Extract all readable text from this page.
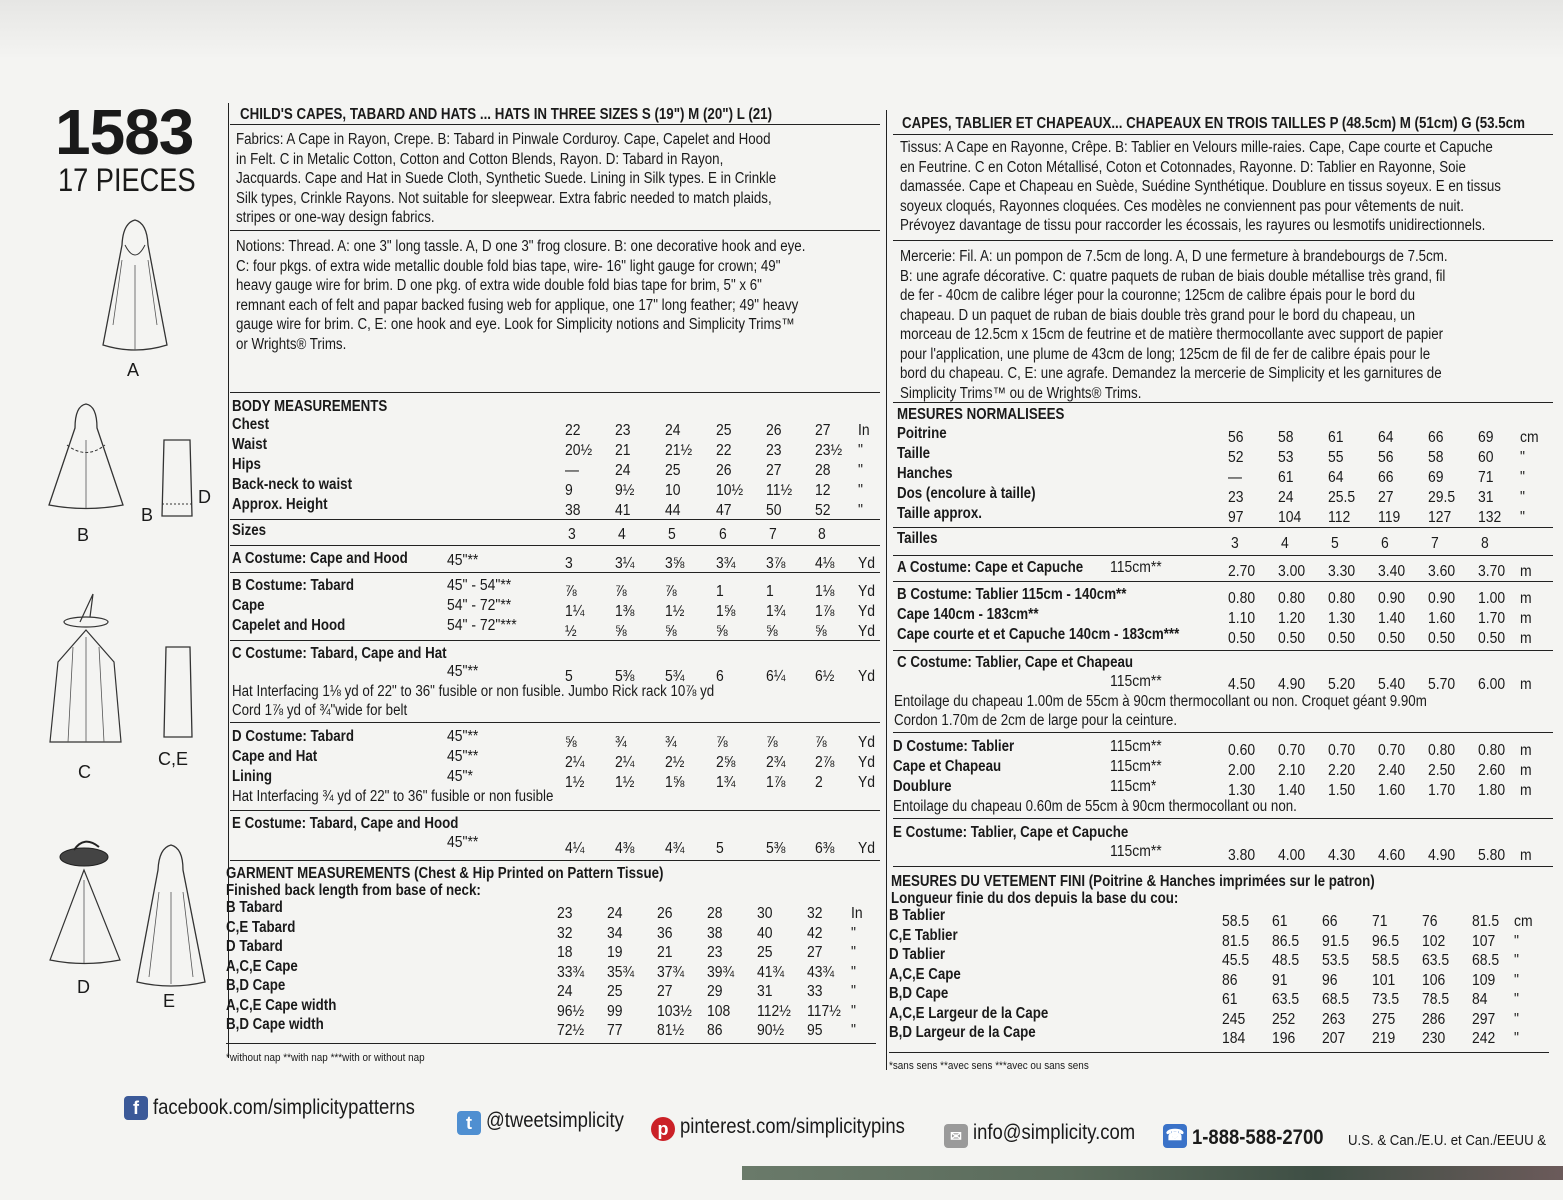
1583
17 PIECES
A
B
B
D
C
C,E
D
E
CHILD'S CAPES, TABARD AND HATS ... HATS IN THREE SIZES S (19") M (20") L (21)
Fabrics: A Cape in Rayon, Crepe. B: Tabard in Pinwale Corduroy. Cape, Capelet and Hood
in Felt. C in Metalic Cotton, Cotton and Cotton Blends, Rayon. D: Tabard in Rayon,
Jacquards. Cape and Hat in Suede Cloth, Synthetic Suede. Lining in Silk types. E in Crinkle
Silk types, Crinkle Rayons. Not suitable for sleepwear. Extra fabric needed to match plaids,
stripes or one-way design fabrics.
Notions: Thread. A: one 3" long tassle. A, D one 3" frog closure. B: one decorative hook and eye.
C: four pkgs. of extra wide metallic double fold bias tape, wire- 16" light gauge for crown; 49"
heavy gauge wire for brim. D one pkg. of extra wide double fold bias tape for brim, 5" x 6"
remnant each of felt and papar backed fusing web for applique, one 17" long feather; 49" heavy
gauge wire for brim. C, E: one hook and eye. Look for Simplicity notions and Simplicity Trims™
or Wrights® Trims.
CAPES, TABLIER ET CHAPEAUX... CHAPEAUX EN TROIS TAILLES P (48.5cm) M (51cm) G (53.5cm
Tissus: A Cape en Rayonne, Crêpe. B: Tablier en Velours mille-raies. Cape, Cape courte et Capuche
en Feutrine. C en Coton Métallisé, Coton et Cotonnades, Rayonne. D: Tablier en Rayonne, Soie
damassée. Cape et Chapeau en Suède, Suédine Synthétique. Doublure en tissus soyeux. E en tissus
soyeux cloqués, Rayonnes cloquées. Ces modèles ne conviennent pas pour vêtements de nuit.
Prévoyez davantage de tissu pour raccorder les écossais, les rayures ou lesmotifs unidirectionnels.
Mercerie: Fil. A: un pompon de 7.5cm de long. A, D une fermeture à brandebourgs de 7.5cm.
B: une agrafe décorative. C: quatre paquets de ruban de biais double métallise très grand, fil
de fer - 40cm de calibre léger pour la couronne; 125cm de calibre épais pour le bord du
chapeau. D un paquet de ruban de biais double très grand pour le bord du chapeau, un
morceau de 12.5cm x 15cm de feutrine et de matière thermocollante avec support de papier
pour l'application, une plume de 43cm de long; 125cm de fil de fer de calibre épais pour le
bord du chapeau. C, E: une agrafe. Demandez la mercerie de Simplicity et les garnitures de
Simplicity Trims™ ou de Wrights® Trims.
BODY MEASUREMENTS
Chest	22 23 24 25 26 27 In
Waist	20½ 21 21½ 22 23 23½ "
Hips	— 24 25 26 27 28 "
Back-neck to waist	9	9½ 10 10½ 11½ 12 "
Approx. Height	38 41 44 47 50 52 "
Sizes	3	4	5	6	7	8
A Costume: Cape and Hood	45"**	3	3¼ 3⅝ 3¾ 3⅞ 4⅛ Yd
B Costume: Tabard	45" - 54"**	⅞ ⅞ ⅞	1	1	1⅛ Yd
Cape	54" - 72"**	1¼ 1⅜ 1½ 1⅝ 1¾ 1⅞ Yd
Capelet and Hood	54" - 72"***	½ ⅝ ⅝	⅝ ⅝ ⅝ Yd
C Costume: Tabard, Cape and Hat
45"**	5	5⅜ 5¾ 6	6¼ 6½ Yd
Hat Interfacing 1⅛ yd of 22" to 36" fusible or non fusible. Jumbo Rick rack 10⅞ yd
Cord 1⅞ yd of ¾"wide for belt
D Costume: Tabard	45"**	⅝ ¾ ¾	⅞ ⅞ ⅞ Yd
Cape and Hat	45"**	2¼ 2¼ 2½ 2⅝ 2¾ 2⅞ Yd
Lining	45"*	1½ 1½ 1⅝ 1¾ 1⅞ 2 Yd
Hat Interfacing ¾ yd of 22" to 36" fusible or non fusible
E Costume: Tabard, Cape and Hood
45"**	4¼ 4⅜ 4¾ 5	5⅜ 6⅜ Yd
GARMENT MEASUREMENTS (Chest & Hip Printed on Pattern Tissue)
Finished back length from base of neck:
B Tabard	23 24 26 28 30 32 In
C,E Tabard	32 34 36 38 40 42 "
D Tabard	18 19 21 23 25 27 "
A,C,E Cape	33¾ 35¾ 37¾ 39¾ 41¾ 43¾ "
B,D Cape	24 25 27 29 31 33 "
A,C,E Cape width	96½ 99 103½ 108 112½ 117½ "
B,D Cape width	72½ 77 81½ 86 90½ 95 "
*without nap **with nap ***with or without nap
MESURES NORMALISEES
Poitrine	56 58 61 64 66 69 cm
Taille	52 53 55 56 58 60 "
Hanches	— 61 64 66 69 71 "
Dos (encolure à taille)	23 24 25.5 27 29.5 31 "
Taille approx.	97 104 112 119 127 132 "
Tailles	3	4	5	6	7	8
A Costume: Cape et Capuche 115cm**	2.70 3.00 3.30 3.40 3.60 3.70 m
B Costume: Tablier 115cm - 140cm**	0.80 0.80 0.80 0.90 0.90 1.00 m
Cape 140cm - 183cm**	1.10 1.20 1.30 1.40 1.60 1.70 m
Cape courte et et Capuche 140cm - 183cm***	0.50 0.50 0.50 0.50 0.50 0.50 m
C Costume: Tablier, Cape et Chapeau
115cm**	4.50 4.90 5.20 5.40 5.70 6.00 m
Entoilage du chapeau 1.00m de 55cm à 90cm thermocollant ou non. Croquet géant 9.90m
Cordon 1.70m de 2cm de large pour la ceinture.
D Costume: Tablier	115cm**	0.60 0.70 0.70 0.70 0.80 0.80 m
Cape et Chapeau	115cm**	2.00 2.10 2.20 2.40 2.50 2.60 m
Doublure	115cm*	1.30 1.40 1.50 1.60 1.70 1.80 m
Entoilage du chapeau 0.60m de 55cm à 90cm thermocollant ou non.
E Costume: Tablier, Cape et Capuche
115cm**	3.80 4.00 4.30 4.60 4.90 5.80 m
MESURES DU VETEMENT FINI (Poitrine & Hanches imprimées sur le patron)
Longueur finie du dos depuis la base du cou:
B Tablier	58.5 61 66 71 76 81.5 cm
C,E Tablier	81.5 86.5 91.5 96.5 102 107 "
D Tablier	45.5 48.5 53.5 58.5 63.5 68.5 "
A,C,E Cape	86 91 96 101 106 109 "
B,D Cape	61 63.5 68.5 73.5 78.5 84 "
A,C,E Largeur de la Cape	245 252 263 275 286 297 "
B,D Largeur de la Cape	184 196 207 219 230 242 "
*sans sens **avec sens ***avec ou sans sens
f facebook.com/simplicitypatterns
t @tweetsimplicity	p pinterest.com/simplicitypins	✉ info@simplicity.com ☎ 1-888-588-2700 U.S. & Can./E.U. et Can./EEUU &
